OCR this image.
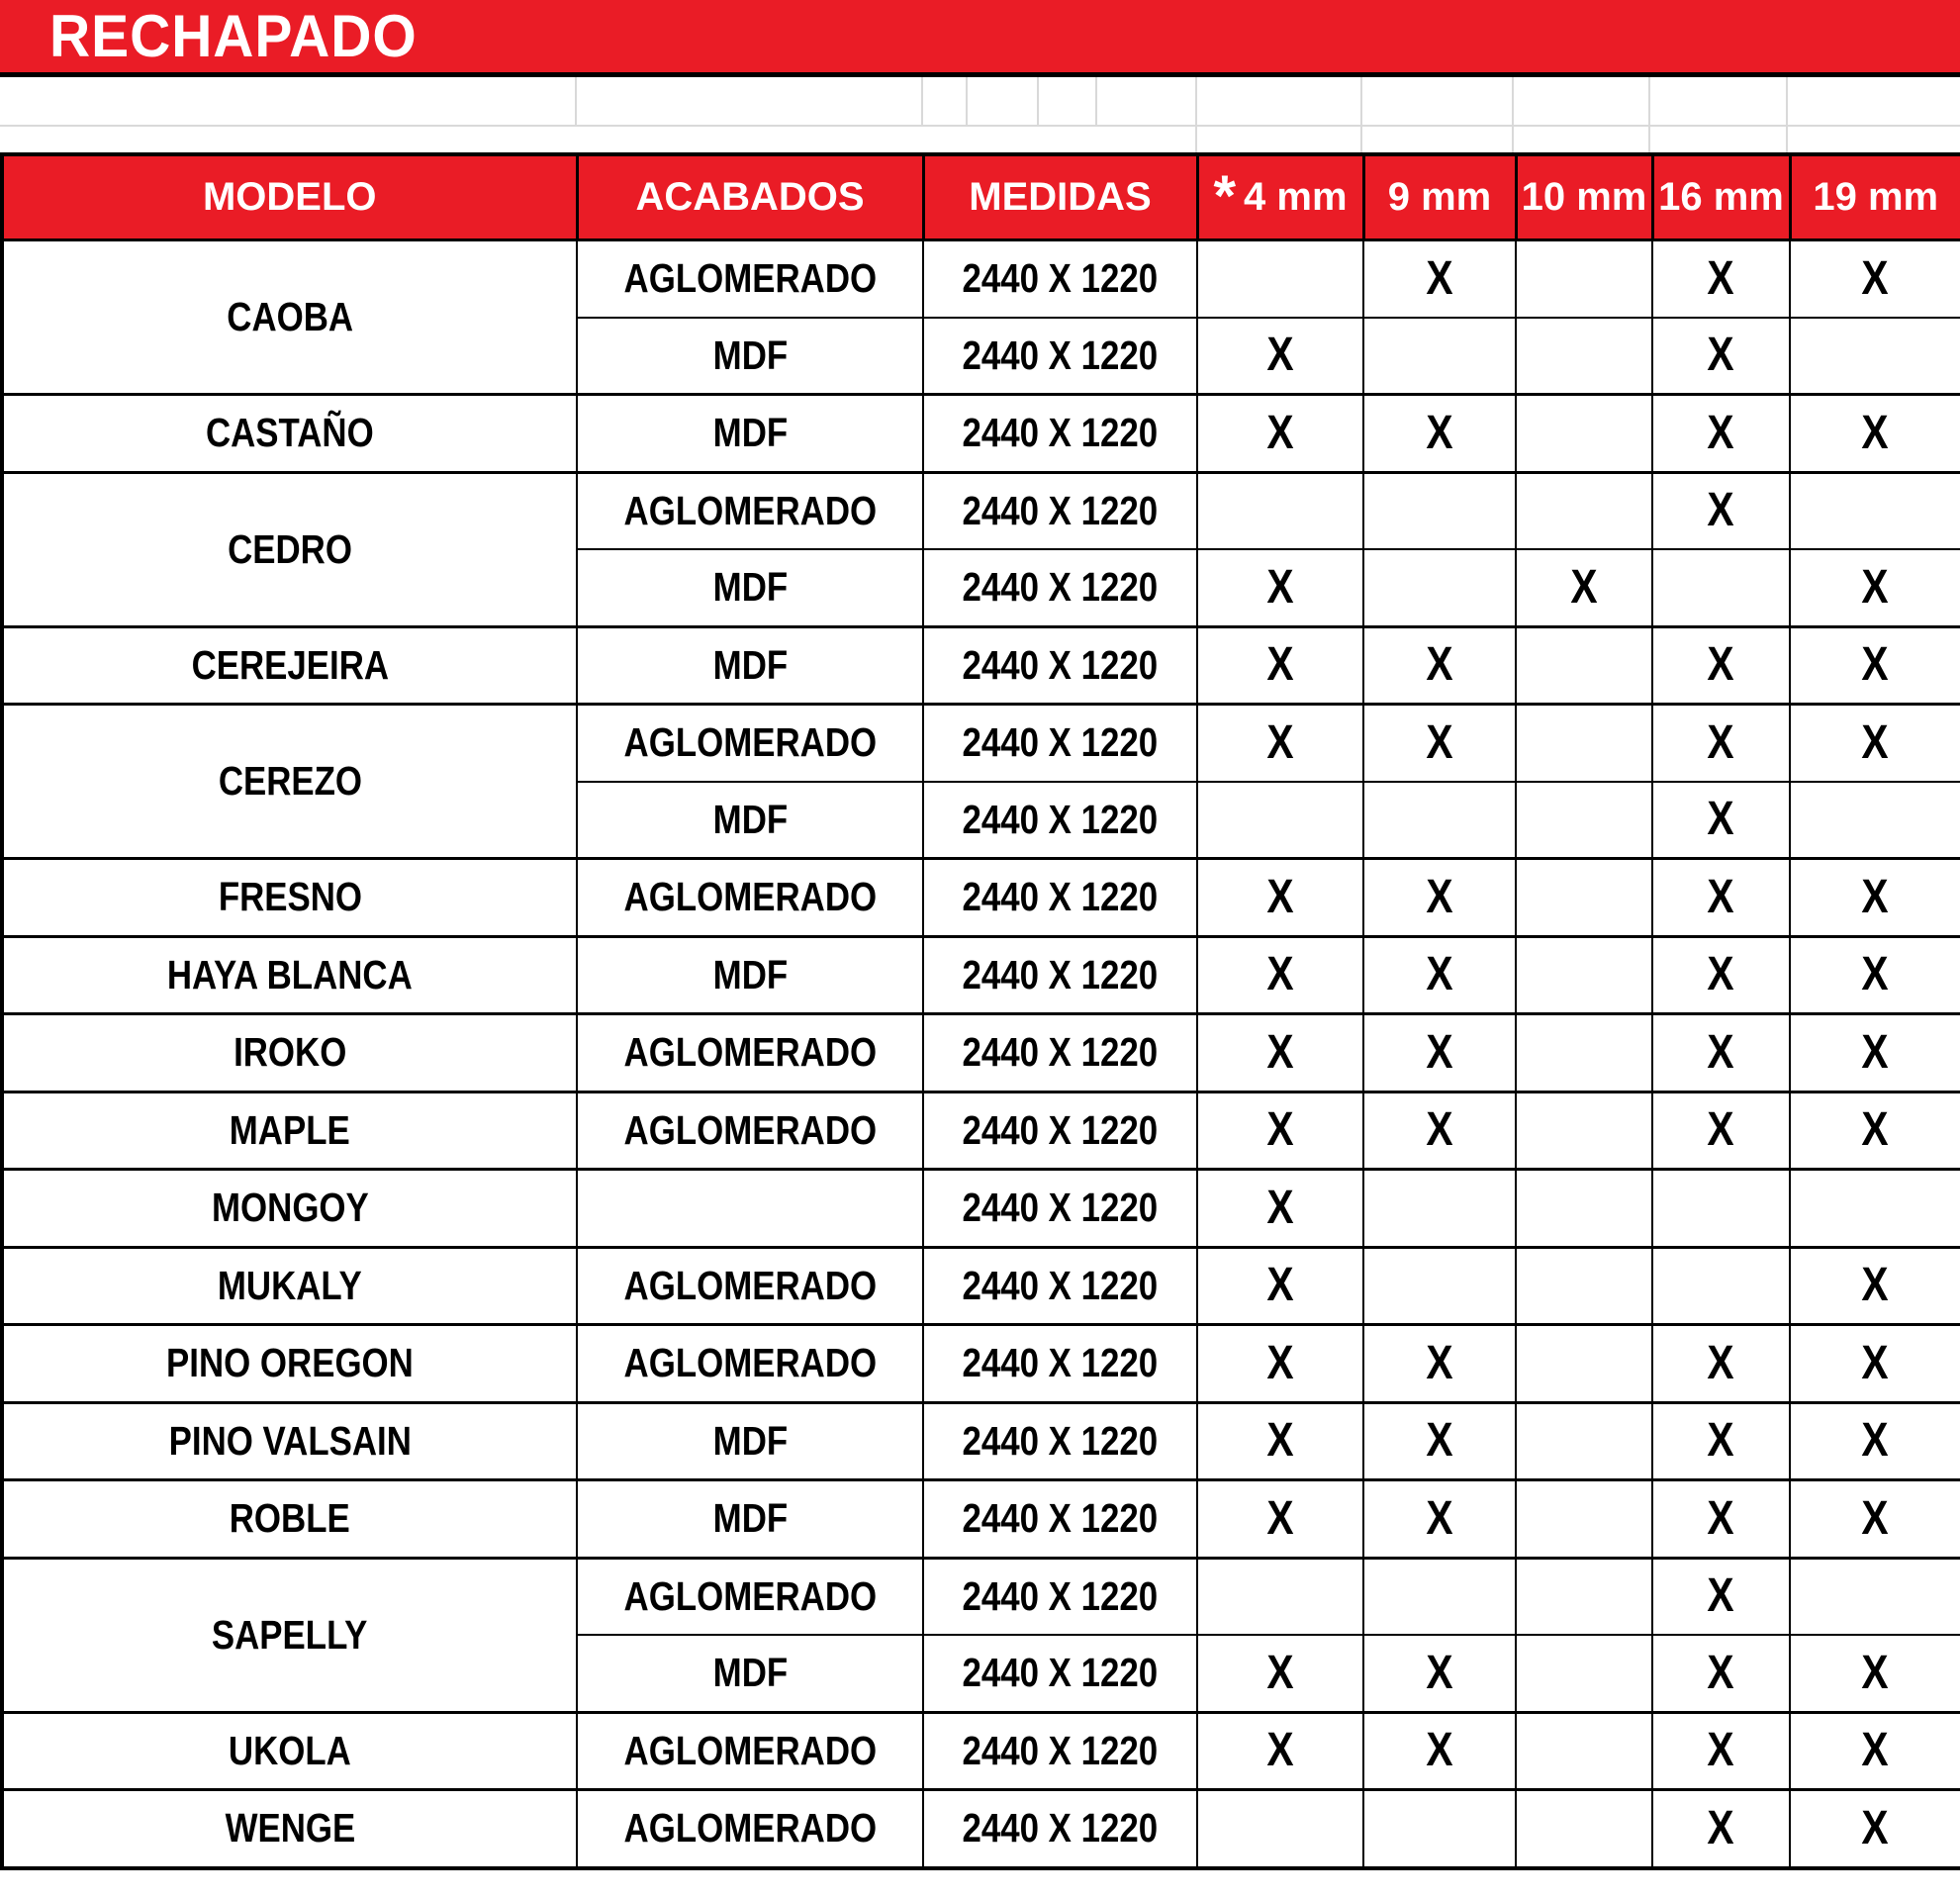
RECHAPADO
MODELO	ACABADOS	MEDIDAS	* 4 mm	9 mm	10 mm	16 mm	19 mm
CAOBA	AGLOMERADO	2440 X 1220		X		X	X
	MDF	2440 X 1220	X			X	
CASTAÑO	MDF	2440 X 1220	X	X		X	X
CEDRO	AGLOMERADO	2440 X 1220				X	
	MDF	2440 X 1220	X		X		X
CEREJEIRA	MDF	2440 X 1220	X	X		X	X
CEREZO	AGLOMERADO	2440 X 1220	X	X		X	X
	MDF	2440 X 1220				X	
FRESNO	AGLOMERADO	2440 X 1220	X	X		X	X
HAYA BLANCA	MDF	2440 X 1220	X	X		X	X
IROKO	AGLOMERADO	2440 X 1220	X	X		X	X
MAPLE	AGLOMERADO	2440 X 1220	X	X		X	X
MONGOY		2440 X 1220	X				
MUKALY	AGLOMERADO	2440 X 1220	X				X
PINO OREGON	AGLOMERADO	2440 X 1220	X	X		X	X
PINO VALSAIN	MDF	2440 X 1220	X	X		X	X
ROBLE	MDF	2440 X 1220	X	X		X	X
SAPELLY	AGLOMERADO	2440 X 1220				X	
	MDF	2440 X 1220	X	X		X	X
UKOLA	AGLOMERADO	2440 X 1220	X	X		X	X
WENGE	AGLOMERADO	2440 X 1220				X	X
